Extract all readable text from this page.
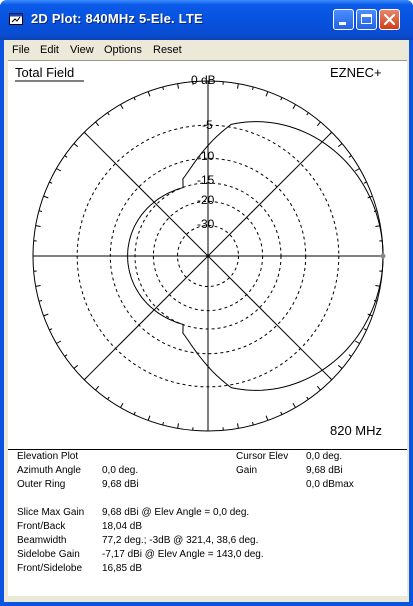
2D Plot: 840MHz 5-Ele. LTE
File Edit View Options Reset
0 dB
-5
-10
-15
-20
-30
Total Field	EZNEC+
820 MHz
Elevation Plot
Azimuth Angle 0,0 deg.
Outer Ring	9,68 dBi
Cursor Elev 0,0 deg.
Gain	9,68 dBi
0,0 dBmax
Slice Max Gain 9,68 dBi @ Elev Angle = 0,0 deg.
Front/Back	18,04 dB
Beamwidth	77,2 deg.; -3dB @ 321,4, 38,6 deg.
Sidelobe Gain -7,17 dBi @ Elev Angle = 143,0 deg.
Front/Sidelobe 16,85 dB
